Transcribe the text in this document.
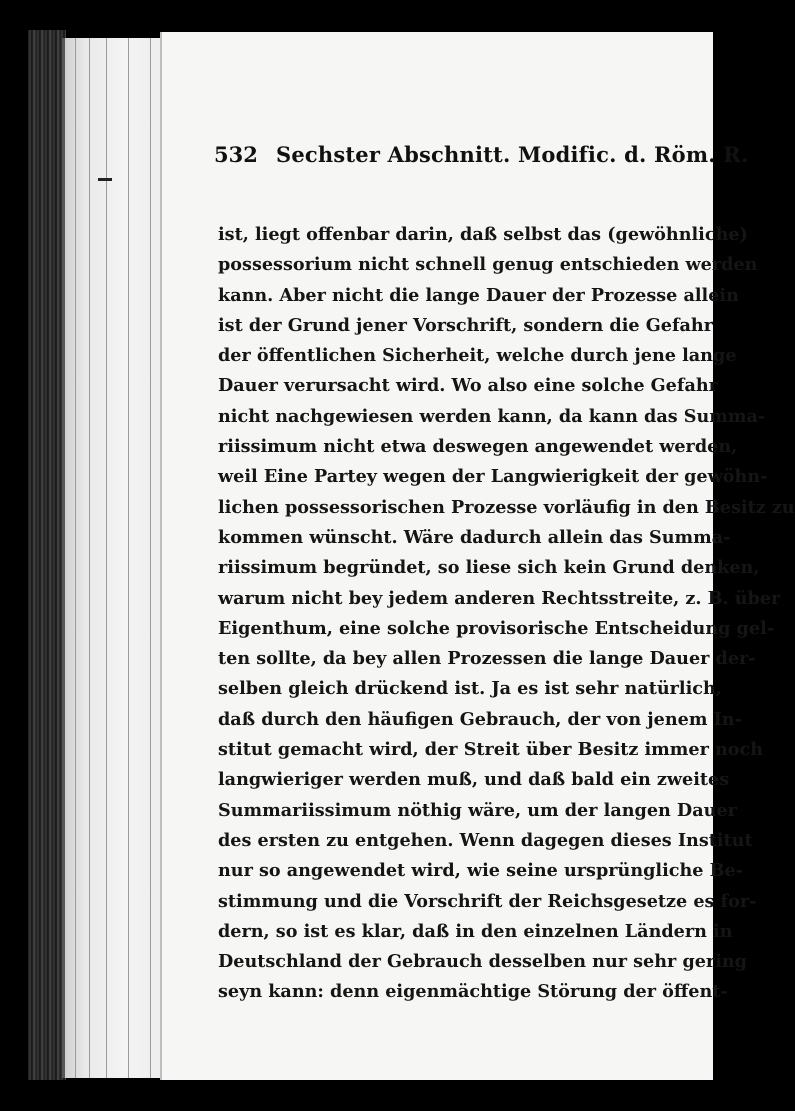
532 Sechster Abschnitt. Modific. d. Röm. R.
ist, liegt offenbar darin, daß selbst das (gewöhnliche)
possessorium nicht schnell genug entschieden werden
kann. Aber nicht die lange Dauer der Prozesse allein
ist der Grund jener Vorschrift, sondern die Gefahr
der öffentlichen Sicherheit, welche durch jene lange
Dauer verursacht wird. Wo also eine solche Gefahr
nicht nachgewiesen werden kann, da kann das Summa-
riissimum nicht etwa deswegen angewendet werden,
weil Eine Partey wegen der Langwierigkeit der gewöhn-
lichen possessorischen Prozesse vorläufig in den Besitz zu
kommen wünscht. Wäre dadurch allein das Summa-
riissimum begründet, so liese sich kein Grund denken,
warum nicht bey jedem anderen Rechtsstreite, z. B. über
Eigenthum, eine solche provisorische Entscheidung gel-
ten sollte, da bey allen Prozessen die lange Dauer der-
selben gleich drückend ist. Ja es ist sehr natürlich,
daß durch den häufigen Gebrauch, der von jenem In-
stitut gemacht wird, der Streit über Besitz immer noch
langwieriger werden muß, und daß bald ein zweites
Summariissimum nöthig wäre, um der langen Dauer
des ersten zu entgehen. Wenn dagegen dieses Institut
nur so angewendet wird, wie seine ursprüngliche Be-
stimmung und die Vorschrift der Reichsgesetze es for-
dern, so ist es klar, daß in den einzelnen Ländern in
Deutschland der Gebrauch desselben nur sehr gering
seyn kann: denn eigenmächtige Störung der öffent-
